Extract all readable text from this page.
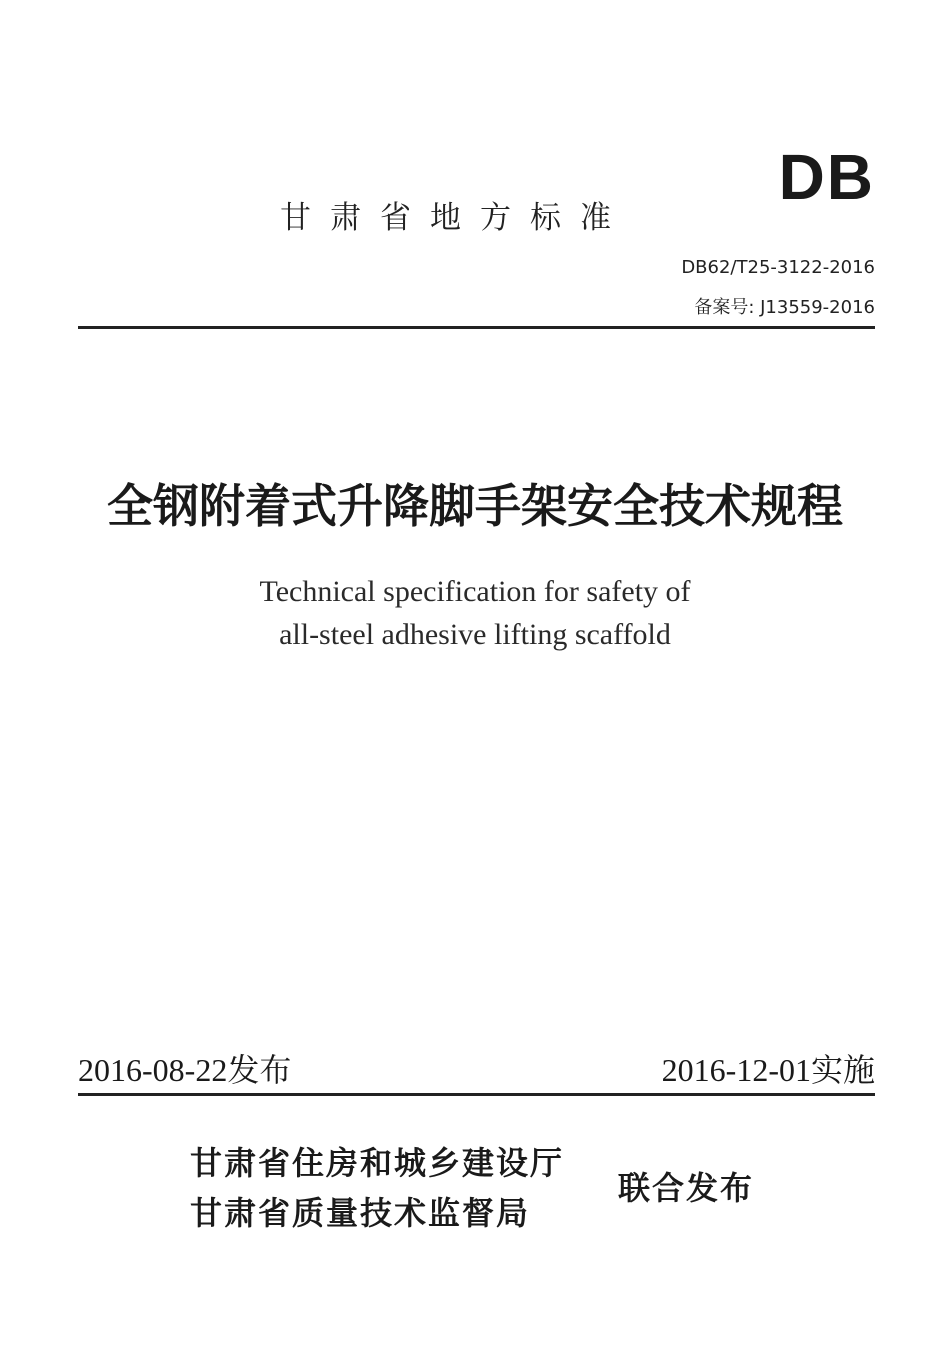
DB
甘肃省地方标准
DB62/T25-3122-2016
备案号: J13559-2016
全钢附着式升降脚手架安全技术规程
Technical specification for safety of
all-steel adhesive lifting scaffold
2016-08-22发布	2016-12-01实施
甘肃省住房和城乡建设厅
甘肃省质量技术监督局
联合发布
